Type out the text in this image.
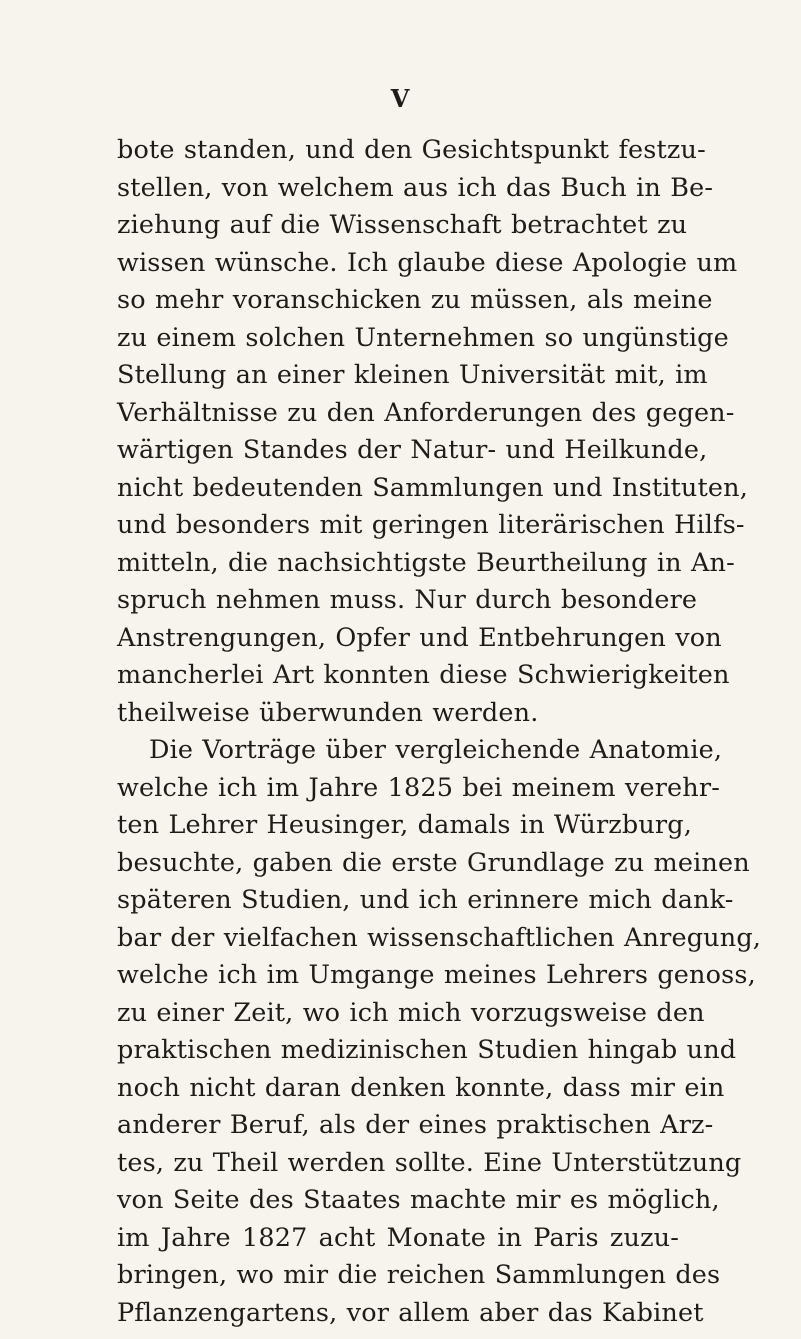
V
bote standen, und den Gesichtspunkt festzu-
stellen, von welchem aus ich das Buch in Be-
ziehung auf die Wissenschaft betrachtet zu
wissen wünsche. Ich glaube diese Apologie um
so mehr voranschicken zu müssen, als meine
zu einem solchen Unternehmen so ungünstige
Stellung an einer kleinen Universität mit, im
Verhältnisse zu den Anforderungen des gegen-
wärtigen Standes der Natur- und Heilkunde,
nicht bedeutenden Sammlungen und Instituten,
und besonders mit geringen literärischen Hilfs-
mitteln, die nachsichtigste Beurtheilung in An-
spruch nehmen muss. Nur durch besondere
Anstrengungen, Opfer und Entbehrungen von
mancherlei Art konnten diese Schwierigkeiten
theilweise überwunden werden.
Die Vorträge über vergleichende Anatomie,
welche ich im Jahre 1825 bei meinem verehr-
ten Lehrer Heusinger, damals in Würzburg,
besuchte, gaben die erste Grundlage zu meinen
späteren Studien, und ich erinnere mich dank-
bar der vielfachen wissenschaftlichen Anregung,
welche ich im Umgange meines Lehrers genoss,
zu einer Zeit, wo ich mich vorzugsweise den
praktischen medizinischen Studien hingab und
noch nicht daran denken konnte, dass mir ein
anderer Beruf, als der eines praktischen Arz-
tes, zu Theil werden sollte. Eine Unterstützung
von Seite des Staates machte mir es möglich,
im Jahre 1827 acht Monate in Paris zuzu-
bringen, wo mir die reichen Sammlungen des
Pflanzengartens, vor allem aber das Kabinet
